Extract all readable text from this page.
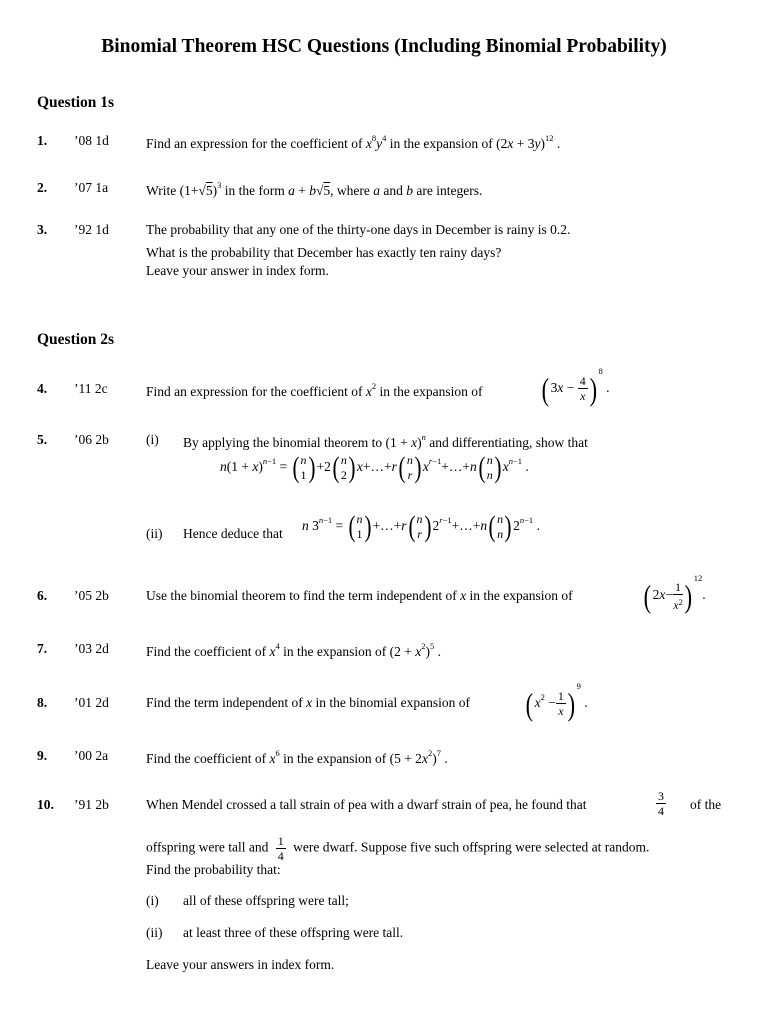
Binomial Theorem HSC Questions (Including Binomial Probability)
Question 1s
1. ’08 1d	Find an expression for the coefficient of $x^8y^4$ in the expansion of $(2x + 3y)^{12}$ .
2. ’07 1a	Write $(1+√5)^3$ in the form a + b√5, where a and b are integers.
3. ’92 1d	The probability that any one of the thirty-one days in December is rainy is 0.2.
What is the probability that December has exactly ten rainy days?
Leave your answer in index form.
Question 2s
4. ’11 2c	Find an expression for the coefficient of $x^2$ in the expansion of ( $3x - \frac{4}{x}$ ) $^8$ .
5. ’06 2b	(i) By applying the binomial theorem to $(1 + x)^n$ and differentiating, show that
$n(1 + x)^{n-1}$ = ( n
1 ) +2 ( n
2 ) x+…+r ( n
r ) $x^{r-1}+\dots+n$ ( n
n ) $x^{n-1}$ .
(ii) Hence deduce that
n $3^{n-1}$ = ( n
1 ) +…+r ( n
r ) $2^{r-1}+\dots+n$ ( n
n ) $2^{n-1}$ .
6. ’05 2b	Use the binomial theorem to find the term independent of x in the expansion of ( $2x- \frac{1}{x^2}$ ) $^{12}$.
7. ’03 2d	Find the coefficient of $x^4$ in the expansion of $(2 + x^2)^5$ .
8. ’01 2d	Find the term independent of x in the binomial expansion of ( $x^2 - \frac{1}{x}$ ) $^9$ .
9. ’00 2a	Find the coefficient of $x^6$ in the expansion of $(5 + 2x^2)^7$ .
10. ’91 2b	When Mendel crossed a tall strain of pea with a dwarf strain of pea, he found that	$\frac{3}{4}$ of the
offspring were tall and $\frac{1}{4}$ were dwarf. Suppose five such offspring were selected at random.
Find the probability that:
(i) all of these offspring were tall;
(ii) at least three of these offspring were tall.
Leave your answers in index form.
